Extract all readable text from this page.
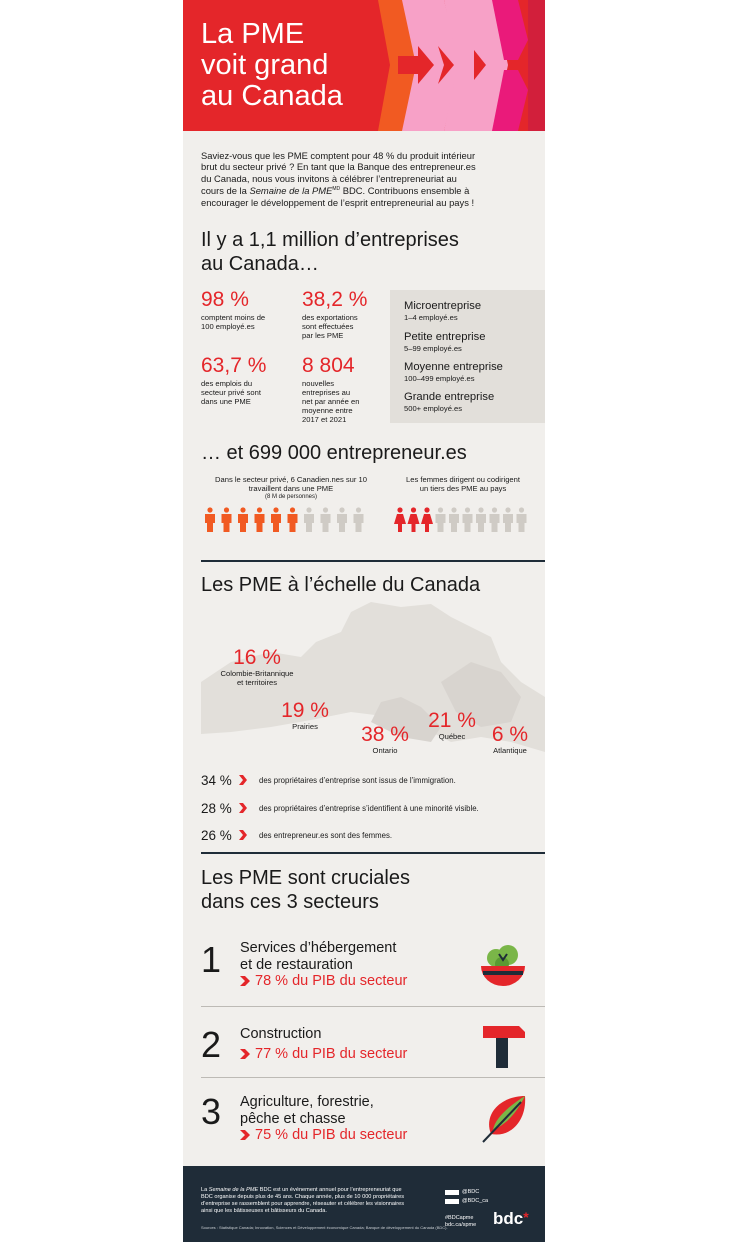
La PME
voit grand
au Canada
Saviez-vous que les PME comptent pour 48 % du produit intérieur
brut du secteur privé ? En tant que la Banque des entrepreneur.es
du Canada, nous vous invitons à célébrer l’entrepreneuriat au
cours de la Semaine de la $PME^{MD}$ BDC. Contribuons ensemble à
encourager le développement de l’esprit entrepreneurial au pays !
Il y a 1,1 million d’entreprises
au Canada…
98 %
comptent moins de
100 employé.es
38,2 %
des exportations
sont effectuées
par les PME
63,7 %
des emplois du
secteur privé sont
dans une PME
8 804
nouvelles
entreprises au
net par année en
moyenne entre
2017 et 2021
Microentreprise
1–4 employé.es
Petite entreprise
5–99 employé.es
Moyenne entreprise
100–499 employé.es
Grande entreprise
500+ employé.es
… et 699 000 entrepreneur.es
Dans le secteur privé, 6 Canadien.nes sur 10
travaillent dans une PME
(8 M de personnes)
Les femmes dirigent ou codirigent
un tiers des PME au pays
Les PME à l’échelle du Canada
16 %
Colombie-Britannique
et territoires
19 %
Prairies	38 %
Ontario
21 %
Québec	6 %
Atlantique
34 %	des propriétaires d’entreprise sont issus de l’immigration.
28 %	des propriétaires d’entreprise s’identifient à une minorité visible.
26 %	des entrepreneur.es sont des femmes.
Les PME sont cruciales
dans ces 3 secteurs
1 Services d’hébergement
et de restauration
78 % du PIB du secteur
2 Construction
77 % du PIB du secteur
3 Agriculture, forestrie,
pêche et chasse
75 % du PIB du secteur
La Semaine de la PME BDC est un événement annuel pour l’entrepreneuriat que
BDC organise depuis plus de 45 ans. Chaque année, plus de 10 000 propriétaires
d’entreprise se rassemblent pour apprendre, réseauter et célébrer les visionnaires
ainsi que les bâtisseuses et bâtisseurs du Canada.
Sources : Statistique Canada; Innovation, Sciences et Développement économique Canada; Banque de développement du Canada (BDC).
@BDC
@BDC_ca
#BDCapme
bdc.ca/spme bdc*
